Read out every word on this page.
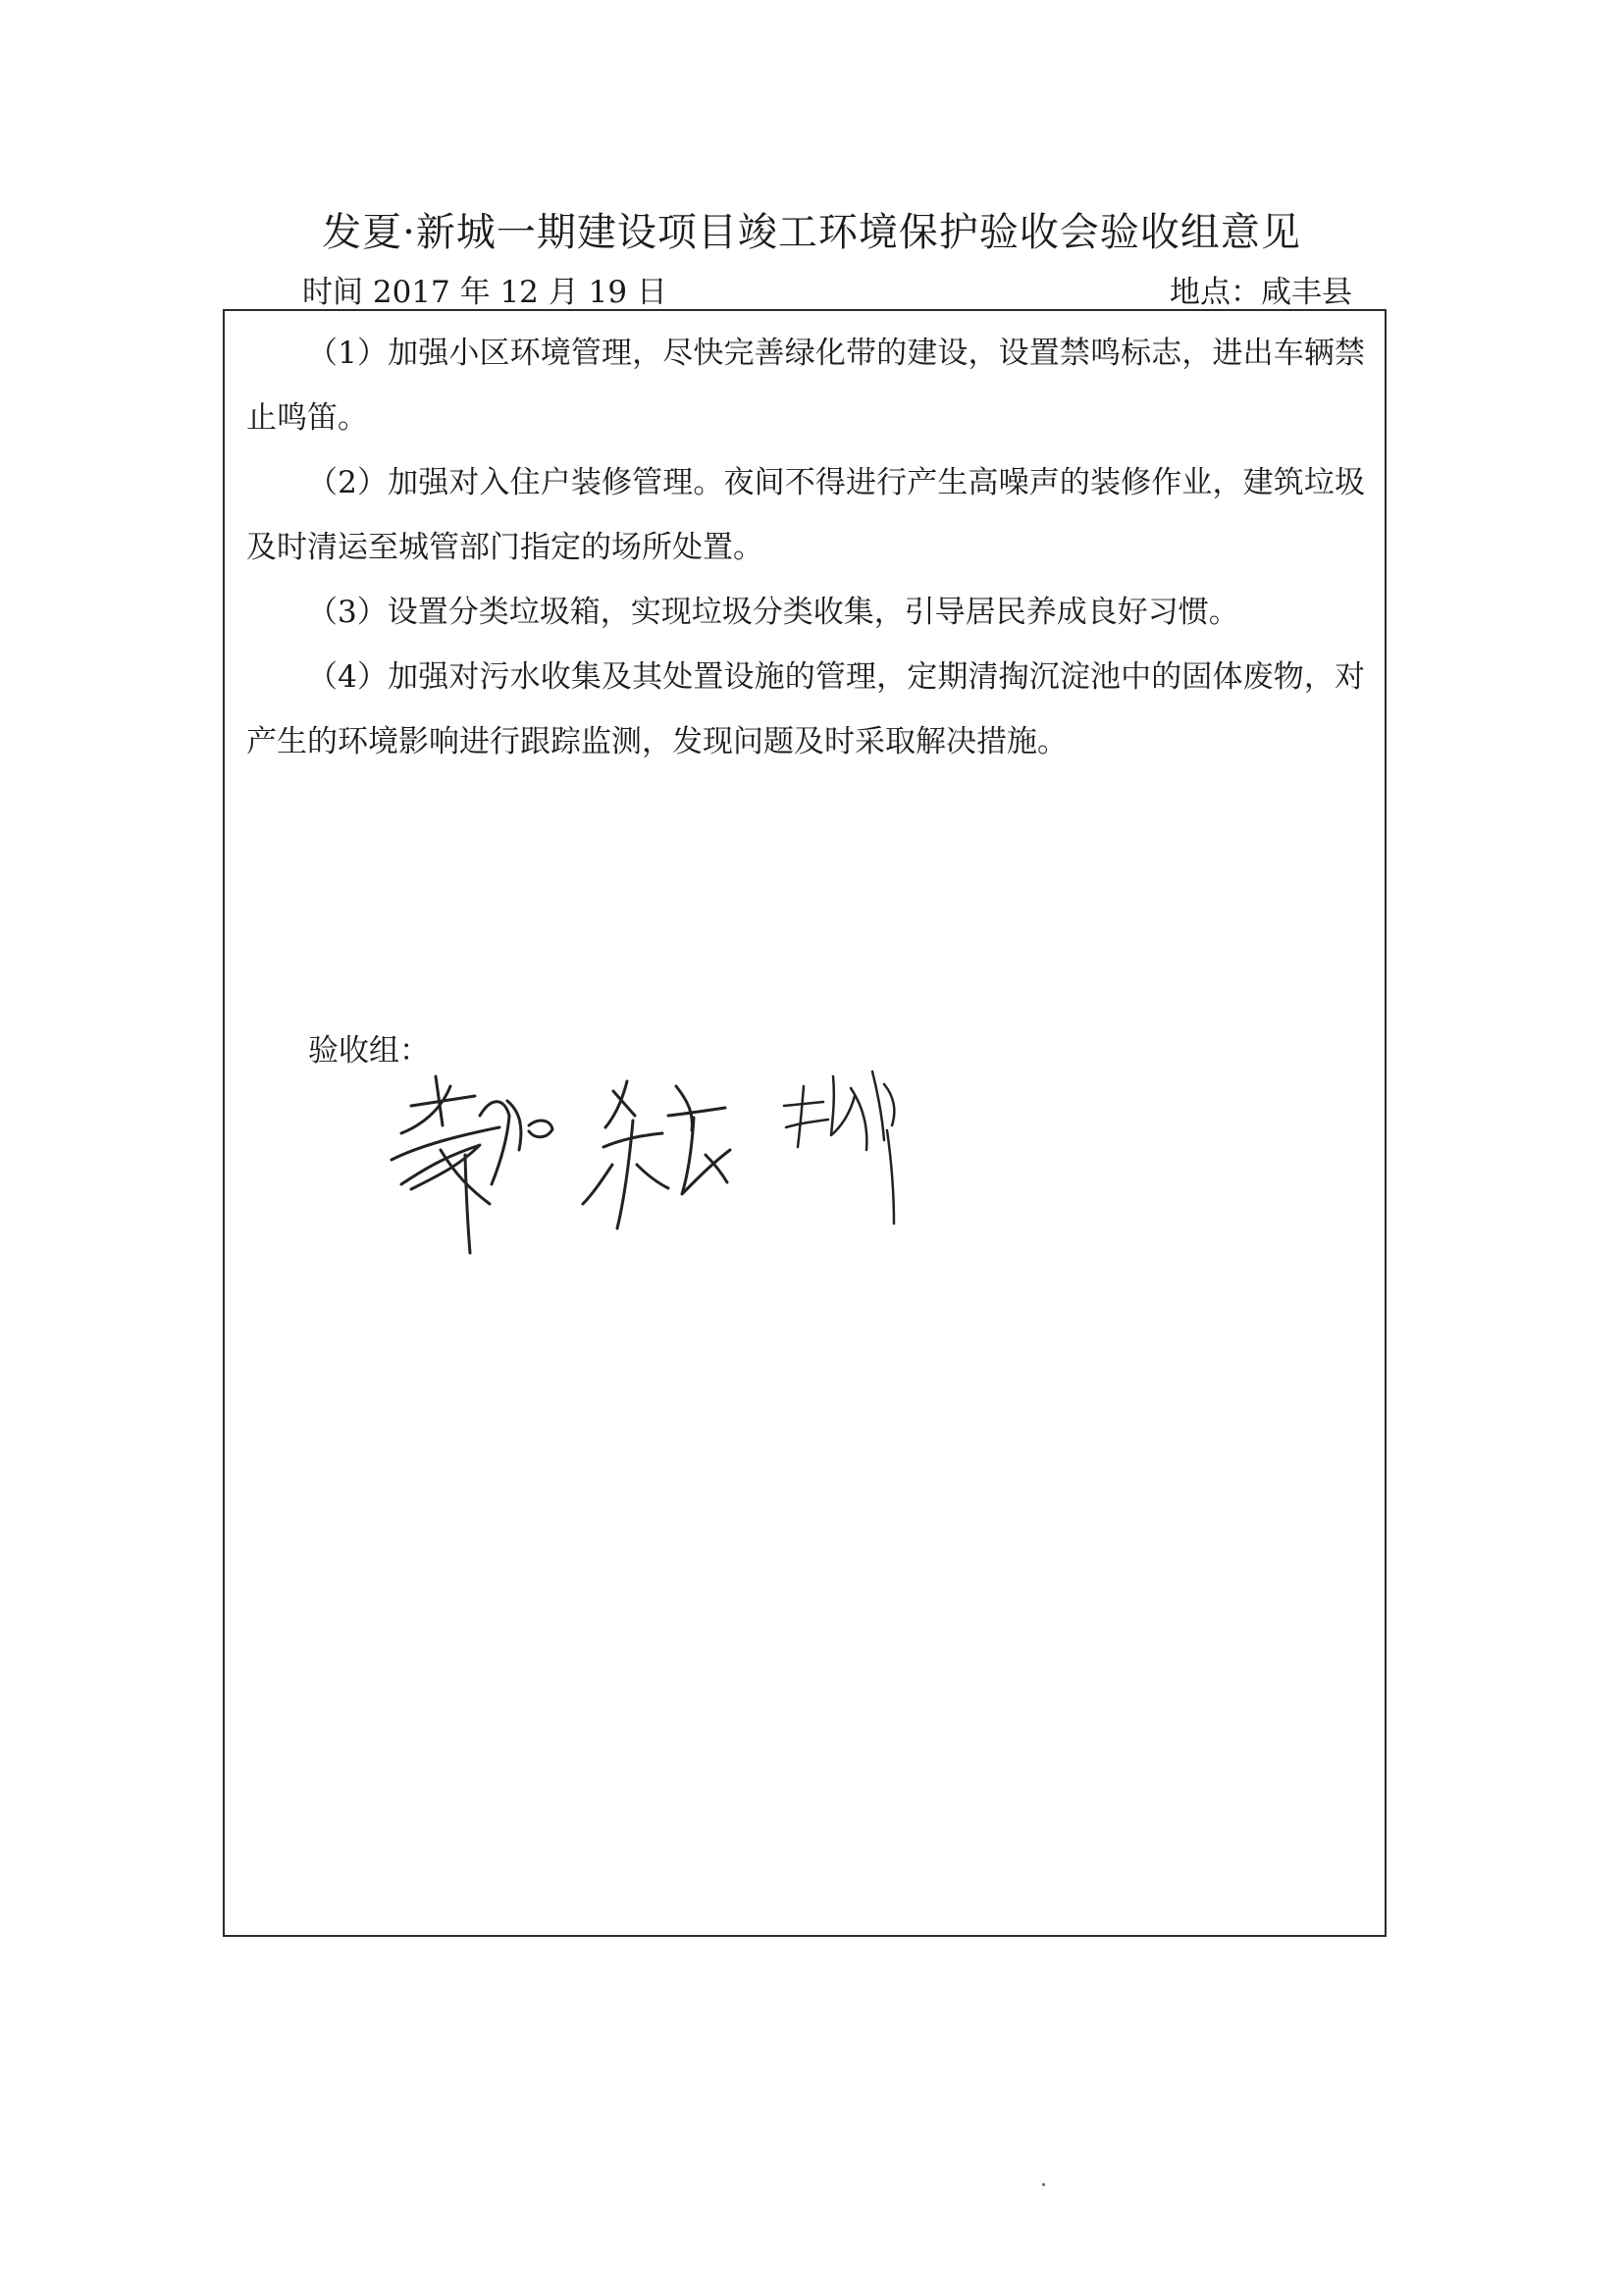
发夏·新城一期建设项目竣工环境保护验收会验收组意见
时间 2017 年 12 月 19 日	地点：咸丰县
（1）加强小区环境管理，尽快完善绿化带的建设，设置禁鸣标志，进出车辆禁止鸣笛。
（2）加强对入住户装修管理。夜间不得进行产生高噪声的装修作业，建筑垃圾及时清运至城管部门指定的场所处置。
（3）设置分类垃圾箱，实现垃圾分类收集，引导居民养成良好习惯。
（4）加强对污水收集及其处置设施的管理，定期清掏沉淀池中的固体废物，对产生的环境影响进行跟踪监测，发现问题及时采取解决措施。
验收组：
